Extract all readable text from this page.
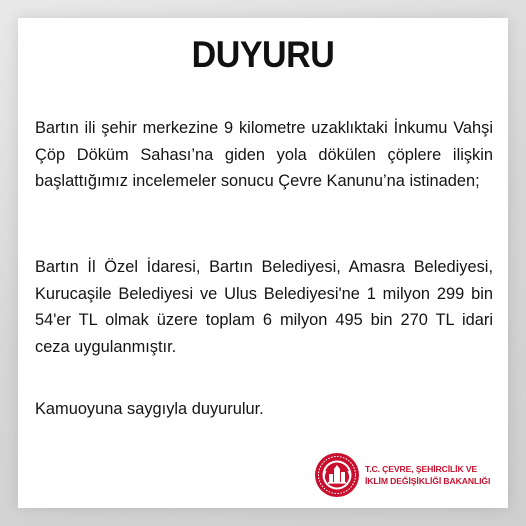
DUYURU

Bartın ili şehir merkezine 9 kilometre uzaklıktaki İnkumu Vahşi Çöp Döküm Sahası’na giden yola dökülen çöplere ilişkin başlattığımız incelemeler sonucu Çevre Kanunu’na istinaden;

Bartın İl Özel İdaresi, Bartın Belediyesi, Amasra Belediyesi, Kurucaşile Belediyesi ve Ulus Belediyesi'ne 1 milyon 299 bin 54'er TL olmak üzere toplam 6 milyon 495 bin 270 TL idari ceza uygulanmıştır.

Kamuoyuna saygıyla duyurulur.

T.C. ÇEVRE, ŞEHİRCİLİK VE
İKLİM DEĞİŞİKLİĞİ BAKANLIĞI
